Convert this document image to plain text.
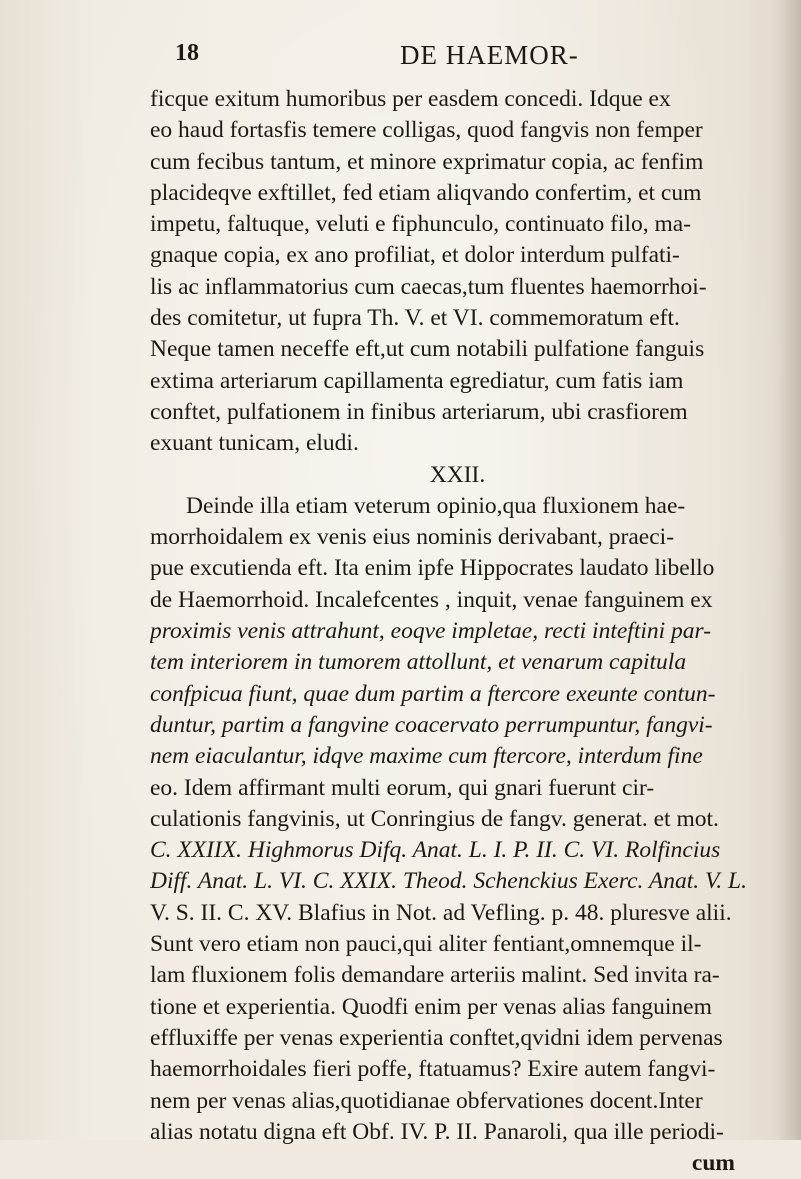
18	DE HAEMOR-
ficque exitum humoribus per easdem concedi. Idque ex
eo haud fortasfis temere colligas, quod fangvis non femper
cum fecibus tantum, et minore exprimatur copia, ac fenfim
placideqve exftillet, fed etiam aliqvando confertim, et cum
impetu, faltuque, veluti e fiphunculo, continuato filo, ma-
gnaque copia, ex ano profiliat, et dolor interdum pulfati-
lis ac inflammatorius cum caecas,tum fluentes haemorrhoi-
des comitetur, ut fupra Th. V. et VI. commemoratum eft.
Neque tamen neceffe eft,ut cum notabili pulfatione fanguis
extima arteriarum capillamenta egrediatur, cum fatis iam
conftet, pulfationem in finibus arteriarum, ubi crasfiorem
exuant tunicam, eludi.
XXII.
Deinde illa etiam veterum opinio,qua fluxionem hae-
morrhoidalem ex venis eius nominis derivabant, praeci-
pue excutienda eft. Ita enim ipfe Hippocrates laudato libello
de Haemorrhoid. Incalefcentes , inquit, venae fanguinem ex
proximis venis attrahunt, eoqve impletae, recti inteftini par-
tem interiorem in tumorem attollunt, et venarum capitula
confpicua fiunt, quae dum partim a ftercore exeunte contun-
duntur, partim a fangvine coacervato perrumpuntur, fangvi-
nem eiaculantur, idqve maxime cum ftercore, interdum fine
eo. Idem affirmant multi eorum, qui gnari fuerunt cir-
culationis fangvinis, ut Conringius de fangv. generat. et mot.
C. XXIIX. Highmorus Difq. Anat. L. I. P. II. C. VI. Rolfincius
Diff. Anat. L. VI. C. XXIX. Theod. Schenckius Exerc. Anat. V. L.
V. S. II. C. XV. Blafius in Not. ad Vefling. p. 48. pluresve alii.
Sunt vero etiam non pauci,qui aliter fentiant,omnemque il-
lam fluxionem folis demandare arteriis malint. Sed invita ra-
tione et experientia. Quodfi enim per venas alias fanguinem
effluxiffe per venas experientia conftet,qvidni idem pervenas
haemorrhoidales fieri poffe, ftatuamus? Exire autem fangvi-
nem per venas alias,quotidianae obfervationes docent.Inter
alias notatu digna eft Obf. IV. P. II. Panaroli, qua ille periodi-
cum
